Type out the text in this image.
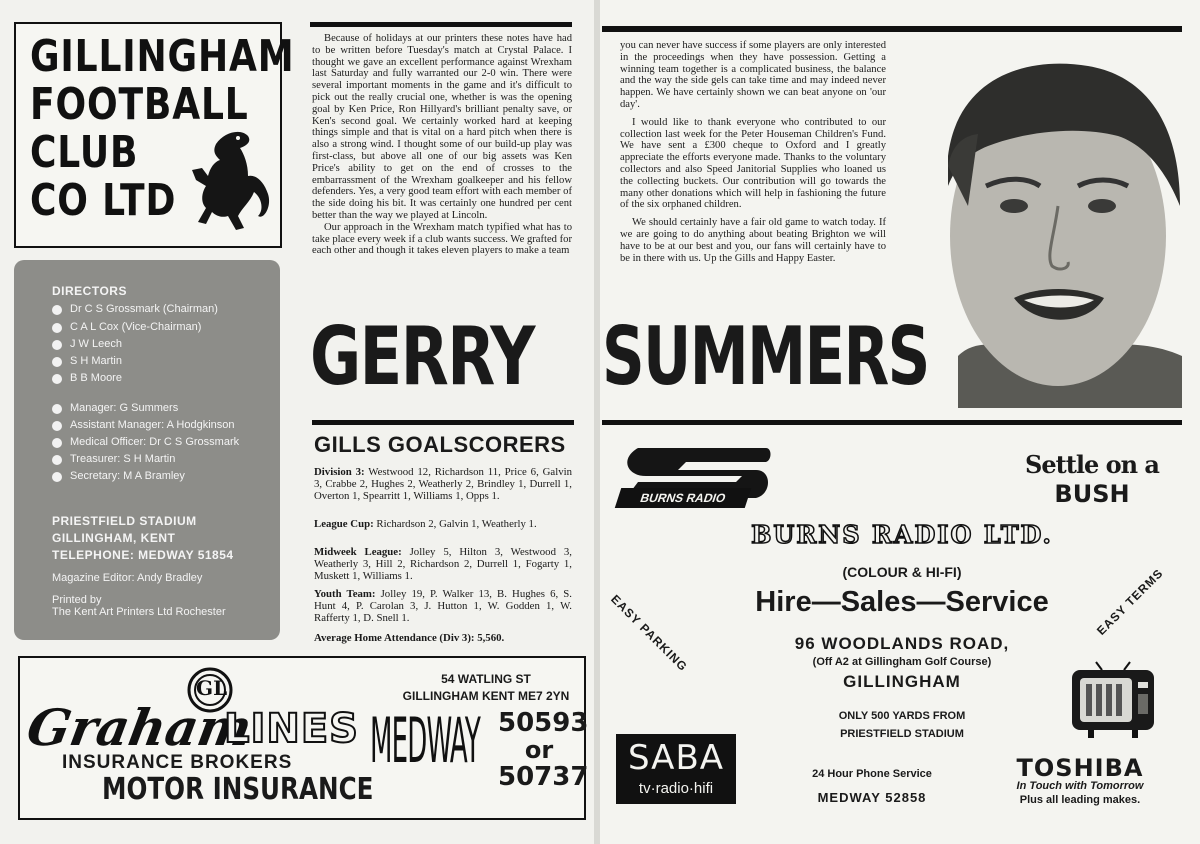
GILLINGHAM
FOOTBALL
CLUB
CO LTD
DIRECTORS
Dr C S Grossmark (Chairman)
C A L Cox (Vice-Chairman)
J W Leech
S H Martin
B B Moore
Manager: G Summers
Assistant Manager: A Hodgkinson
Medical Officer: Dr C S Grossmark
Treasurer: S H Martin
Secretary: M A Bramley
PRIESTFIELD STADIUM
GILLINGHAM, KENT
TELEPHONE: MEDWAY 51854
Magazine Editor: Andy Bradley
Printed by
The Kent Art Printers Ltd Rochester

Because of holidays at our printers these notes have had to be written before Tuesday's match at Crystal Palace. I thought we gave an excellent performance against Wrexham last Saturday and fully warranted our 2-0 win. There were several important moments in the game and it's difficult to pick out the really crucial one, whether is was the opening goal by Ken Price, Ron Hillyard's brilliant penalty save, or Ken's second goal. We certainly worked hard at keeping things simple and that is vital on a hard pitch when there is also a strong wind. I thought some of our build-up play was first-class, but above all one of our big assets was Ken Price's ability to get on the end of crosses to the embarrassment of the Wrexham goalkeeper and his fellow defenders. Yes, a very good team effort with each member of the side doing his bit. It was certainly one hundred per cent better than the way we played at Lincoln.

Our approach in the Wrexham match typified what has to take place every week if a club wants success. We grafted for each other and though it takes eleven players to make a team

GERRY
GILLS GOALSCORERS
Division 3: Westwood 12, Richardson 11, Price 6, Galvin 3, Crabbe 2, Hughes 2, Weatherly 2, Brindley 1, Durrell 1, Overton 1, Spearritt 1, Williams 1, Opps 1.
League Cup: Richardson 2, Galvin 1, Weatherly 1.
Midweek League: Jolley 5, Hilton 3, Westwood 3, Weatherly 3, Hill 2, Richardson 2, Durrell 1, Fogarty 1, Muskett 1, Williams 1.
Youth Team: Jolley 19, P. Walker 13, B. Hughes 6, S. Hunt 4, P. Carolan 3, J. Hutton 1, W. Godden 1, W. Rafferty 1, D. Snell 1.
Average Home Attendance (Div 3): 5,560.
GL
Graham
LINES
INSURANCE BROKERS
MOTOR INSURANCE
54 WATLING ST
GILLINGHAM KENT ME7 2YN
MEDWAY 50593
or
50737

you can never have success if some players are only interested in the proceedings when they have possession. Getting a winning team together is a complicated business, the balance and the way the side gels can take time and may indeed never happen. We have certainly shown we can beat anyone on 'our day'.

I would like to thank everyone who contributed to our collection last week for the Peter Houseman Children's Fund. We have sent a £300 cheque to Oxford and I greatly appreciate the efforts everyone made. Thanks to the voluntary collectors and also Speed Janitorial Supplies who loaned us the collecting buckets. Our contribution will go towards the many other donations which will help in fashioning the future of the six orphaned children.

We should certainly have a fair old game to watch today. If we are going to do anything about beating Brighton we will have to be at our best and you, our fans will certainly have to be in there with us. Up the Gills and Happy Easter.

SUMMERS
BURNS RADIO
Settle on a
BUSH
BURNS RADIO LTD.
(COLOUR & HI-FI)
Hire—Sales—Service
EASY PARKING	EASY TERMS
96 WOODLANDS ROAD,
(Off A2 at Gillingham Golf Course)
GILLINGHAM
ONLY 500 YARDS FROM
PRIESTFIELD STADIUM
SABA
tv·radio·hifi
24 Hour Phone Service
MEDWAY 52858
TOSHIBA
In Touch with Tomorrow
Plus all leading makes.
